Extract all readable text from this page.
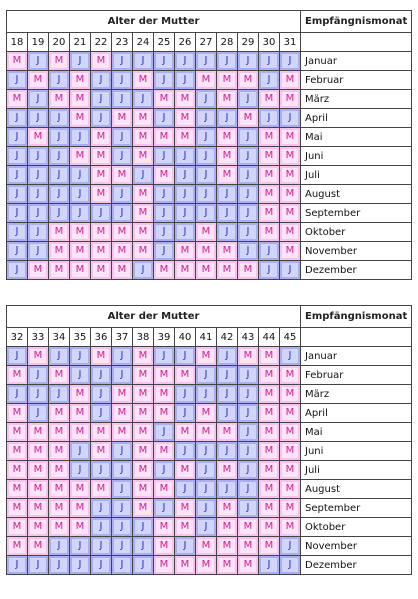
Alter der Mutter														Empfängnismonat
18	19	20	21	22	23	24	25	26	27	28	29	30	31	

M	J	M	J	M	J	J	J	J	J	J	J	J	J	Januar

J	M	J	M	J	J	M	J	J	M	M	M	J	M	Februar

M	J	M	M	J	J	J	M	M	J	M	J	M	M	März

J	J	J	M	J	M	M	J	M	J	J	M	J	J	April

J	M	J	J	M	J	M	M	M	J	M	J	M	M	Mai

J	J	J	M	M	J	M	J	J	J	M	J	M	M	Juni

J	J	J	J	M	M	J	M	J	J	M	J	M	M	Juli

J	J	J	J	M	J	M	J	J	J	J	J	M	M	August

J	J	J	J	J	J	M	J	J	J	J	J	M	M	September

J	J	M	M	M	M	M	J	J	M	J	J	M	M	Oktober

J	J	M	M	M	M	M	J	M	M	M	J	J	M	November

J	M	M	M	M	M	J	M	M	M	M	M	J	J	Dezember
Alter der Mutter														Empfängnismonat
32	33	34	35	36	37	38	39	40	41	42	43	44	45	

J	M	J	J	M	J	M	J	J	M	J	M	M	J	Januar

M	J	M	J	J	J	M	M	M	J	J	J	M	M	Februar

J	J	J	M	J	M	M	M	J	J	J	J	M	M	März

M	J	M	M	J	M	M	M	J	M	J	J	M	M	April

M	M	M	M	M	M	M	J	M	M	M	J	M	M	Mai

M	M	M	J	M	J	M	M	J	J	J	J	M	M	Juni

M	M	M	J	J	J	M	J	M	J	M	J	M	M	Juli

M	M	M	M	M	J	M	M	J	J	J	J	M	M	August

M	M	M	M	J	J	M	J	M	J	M	J	M	M	September

M	M	M	M	J	J	J	M	M	J	M	M	M	M	Oktober

M	M	J	J	J	J	J	M	J	M	M	M	M	J	November

J	J	J	J	J	J	J	M	M	M	M	M	J	J	Dezember
